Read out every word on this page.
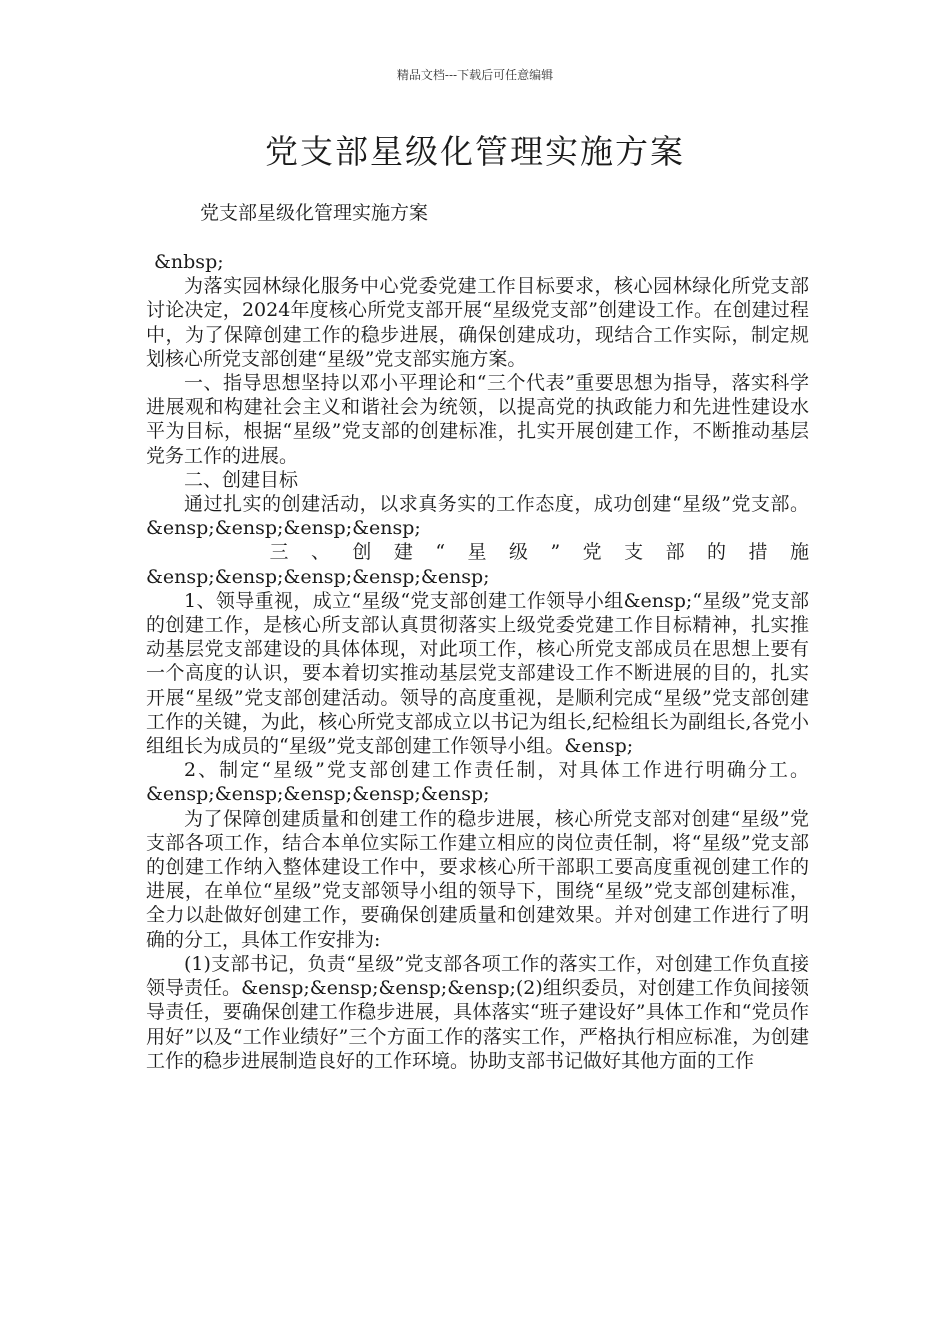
精品文档---下载后可任意编辑
党支部星级化管理实施方案
党支部星级化管理实施方案

&nbsp;

为落实园林绿化服务中心党委党建工作目标要求，核心园林绿化所党支部讨论决定，2024年度核心所党支部开展“星级党支部”创建设工作。在创建过程中，为了保障创建工作的稳步进展，确保创建成功，现结合工作实际，制定规划核心所党支部创建“星级”党支部实施方案。

一、指导思想坚持以邓小平理论和“三个代表”重要思想为指导，落实科学进展观和构建社会主义和谐社会为统领，以提高党的执政能力和先进性建设水平为目标，根据“星级”党支部的创建标准，扎实开展创建工作，不断推动基层党务工作的进展。

二、创建目标

通过扎实的创建活动，以求真务实的工作态度，成功创建“星级”党支部。&ensp;&ensp;&ensp;&ensp;

三、创建“星级”党支部的措施&ensp;&ensp;&ensp;&ensp;&ensp;

1、领导重视，成立“星级“党支部创建工作领导小组&ensp;“星级”党支部的创建工作，是核心所支部认真贯彻落实上级党委党建工作目标精神，扎实推动基层党支部建设的具体体现，对此项工作，核心所党支部成员在思想上要有一个高度的认识，要本着切实推动基层党支部建设工作不断进展的目的，扎实开展“星级”党支部创建活动。领导的高度重视，是顺利完成“星级”党支部创建工作的关键，为此，核心所党支部成立以书记为组长,纪检组长为副组长,各党小组组长为成员的“星级”党支部创建工作领导小组。&ensp;

2、制定“星级”党支部创建工作责任制，对具体工作进行明确分工。&ensp;&ensp;&ensp;&ensp;&ensp;

为了保障创建质量和创建工作的稳步进展，核心所党支部对创建“星级”党支部各项工作，结合本单位实际工作建立相应的岗位责任制，将“星级”党支部的创建工作纳入整体建设工作中，要求核心所干部职工要高度重视创建工作的进展，在单位“星级”党支部领导小组的领导下，围绕“星级”党支部创建标准，全力以赴做好创建工作，要确保创建质量和创建效果。并对创建工作进行了明确的分工，具体工作安排为:

(1)支部书记，负责“星级”党支部各项工作的落实工作，对创建工作负直接领导责任。&ensp;&ensp;&ensp;&ensp;(2)组织委员，对创建工作负间接领导责任，要确保创建工作稳步进展，具体落实“班子建设好”具体工作和“党员作用好”以及“工作业绩好”三个方面工作的落实工作，严格执行相应标准，为创建工作的稳步进展制造良好的工作环境。协助支部书记做好其他方面的工作
